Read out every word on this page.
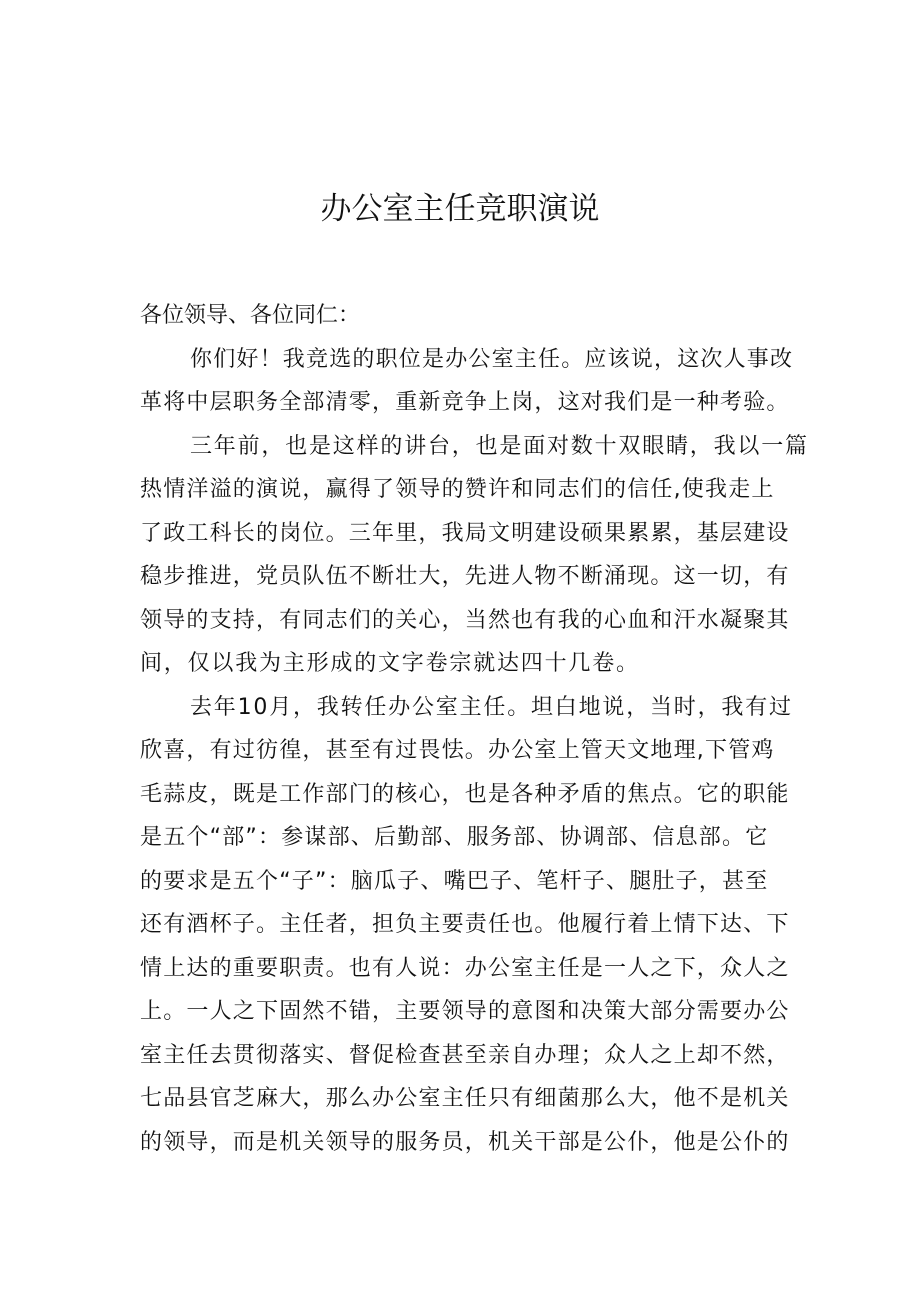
办公室主任竞职演说
各位领导、各位同仁：
你们好！我竞选的职位是办公室主任。应该说，这次人事改
革将中层职务全部清零，重新竞争上岗，这对我们是一种考验。
三年前，也是这样的讲台，也是面对数十双眼睛，我以一篇
热情洋溢的演说，赢得了领导的赞许和同志们的信任,使我走上
了政工科长的岗位。三年里，我局文明建设硕果累累，基层建设
稳步推进，党员队伍不断壮大，先进人物不断涌现。这一切，有
领导的支持，有同志们的关心，当然也有我的心血和汗水凝聚其
间，仅以我为主形成的文字卷宗就达四十几卷。
去年10月，我转任办公室主任。坦白地说，当时，我有过
欣喜，有过彷徨，甚至有过畏怯。办公室上管天文地理,下管鸡
毛蒜皮，既是工作部门的核心，也是各种矛盾的焦点。它的职能
是五个“部”：参谋部、后勤部、服务部、协调部、信息部。它
的要求是五个“子”：脑瓜子、嘴巴子、笔杆子、腿肚子，甚至
还有酒杯子。主任者，担负主要责任也。他履行着上情下达、下
情上达的重要职责。也有人说：办公室主任是一人之下，众人之
上。一人之下固然不错，主要领导的意图和决策大部分需要办公
室主任去贯彻落实、督促检查甚至亲自办理；众人之上却不然，
七品县官芝麻大，那么办公室主任只有细菌那么大，他不是机关
的领导，而是机关领导的服务员，机关干部是公仆，他是公仆的
